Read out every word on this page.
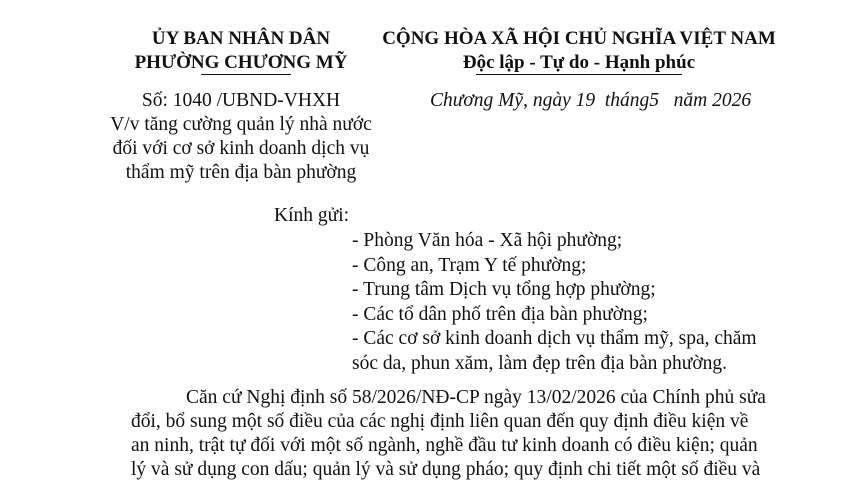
ỦY BAN NHÂN DÂN
PHƯỜNG CHƯƠNG MỸ
Số: 1040 /UBND-VHXH
V/v tăng cường quản lý nhà nước
đối với cơ sở kinh doanh dịch vụ
thẩm mỹ trên địa bàn phường
CỘNG HÒA XÃ HỘI CHỦ NGHĨA VIỆT NAM
Độc lập - Tự do - Hạnh phúc
Chương Mỹ, ngày 19  tháng5   năm 2026
Kính gửi:
- Phòng Văn hóa - Xã hội phường;
- Công an, Trạm Y tế phường;
- Trung tâm Dịch vụ tổng hợp phường;
- Các tổ dân phố trên địa bàn phường;
- Các cơ sở kinh doanh dịch vụ thẩm mỹ, spa, chăm
sóc da, phun xăm, làm đẹp trên địa bàn phường.
Căn cứ Nghị định số 58/2026/NĐ-CP ngày 13/02/2026 của Chính phủ sửa
đổi, bổ sung một số điều của các nghị định liên quan đến quy định điều kiện về
an ninh, trật tự đối với một số ngành, nghề đầu tư kinh doanh có điều kiện; quản
lý và sử dụng con dấu; quản lý và sử dụng pháo; quy định chi tiết một số điều và
